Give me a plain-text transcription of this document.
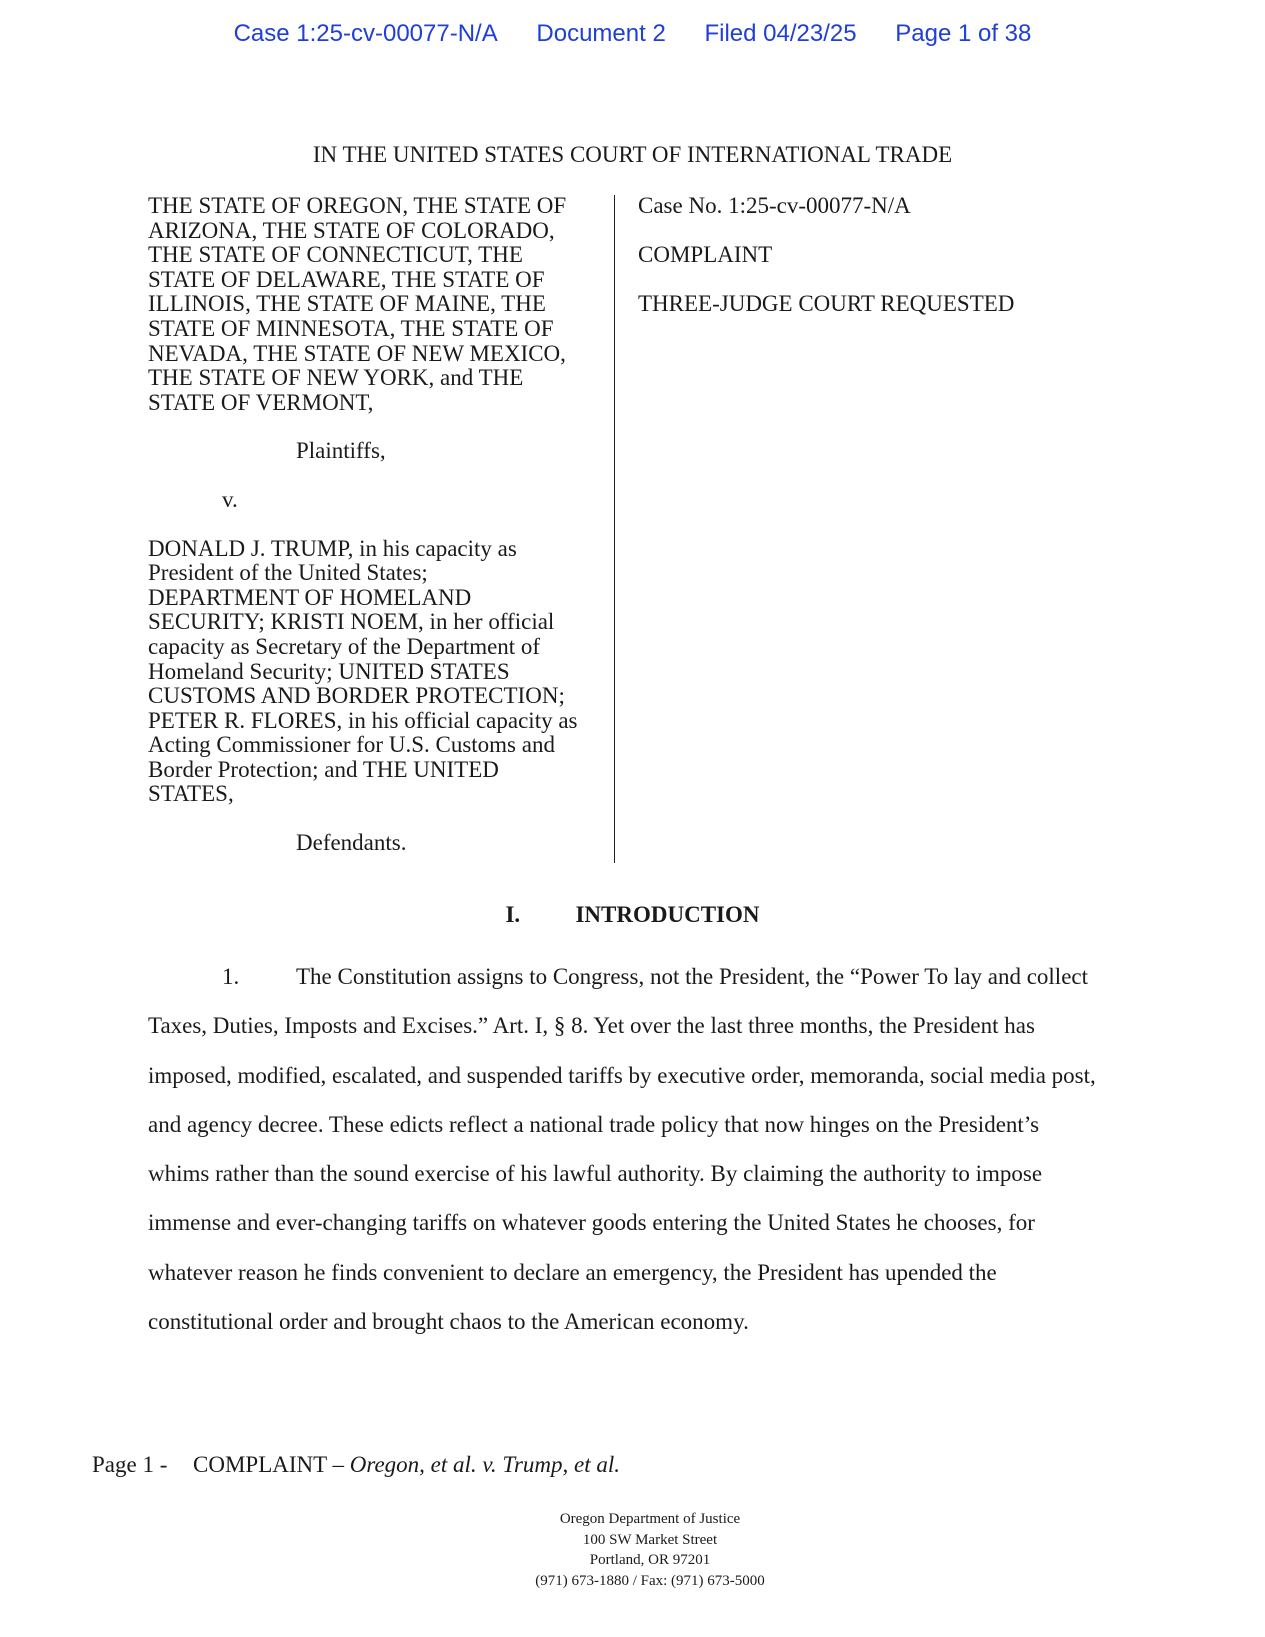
Case 1:25-cv-00077-N/A Document 2 Filed 04/23/25 Page 1 of 38
IN THE UNITED STATES COURT OF INTERNATIONAL TRADE
THE STATE OF OREGON, THE STATE OF
ARIZONA, THE STATE OF COLORADO,
THE STATE OF CONNECTICUT, THE
STATE OF DELAWARE, THE STATE OF
ILLINOIS, THE STATE OF MAINE, THE
STATE OF MINNESOTA, THE STATE OF
NEVADA, THE STATE OF NEW MEXICO,
THE STATE OF NEW YORK, and THE
STATE OF VERMONT,
Plaintiffs,
v.
DONALD J. TRUMP, in his capacity as
President of the United States;
DEPARTMENT OF HOMELAND
SECURITY; KRISTI NOEM, in her official
capacity as Secretary of the Department of
Homeland Security; UNITED STATES
CUSTOMS AND BORDER PROTECTION;
PETER R. FLORES, in his official capacity as
Acting Commissioner for U.S. Customs and
Border Protection; and THE UNITED
STATES,
Defendants.
Case No. 1:25-cv-00077-N/A
COMPLAINT
THREE-JUDGE COURT REQUESTED
I. INTRODUCTION

1. The Constitution assigns to Congress, not the President, the “Power To lay and collect Taxes, Duties, Imposts and Excises.” Art. I, § 8. Yet over the last three months, the President has imposed, modified, escalated, and suspended tariffs by executive order, memoranda, social media post, and agency decree. These edicts reflect a national trade policy that now hinges on the President’s whims rather than the sound exercise of his lawful authority. By claiming the authority to impose immense and ever-changing tariffs on whatever goods entering the United States he chooses, for whatever reason he finds convenient to declare an emergency, the President has upended the constitutional order and brought chaos to the American economy.

Page 1 - COMPLAINT – Oregon, et al. v. Trump, et al.
Oregon Department of Justice
100 SW Market Street
Portland, OR 97201
(971) 673-1880 / Fax: (971) 673-5000
